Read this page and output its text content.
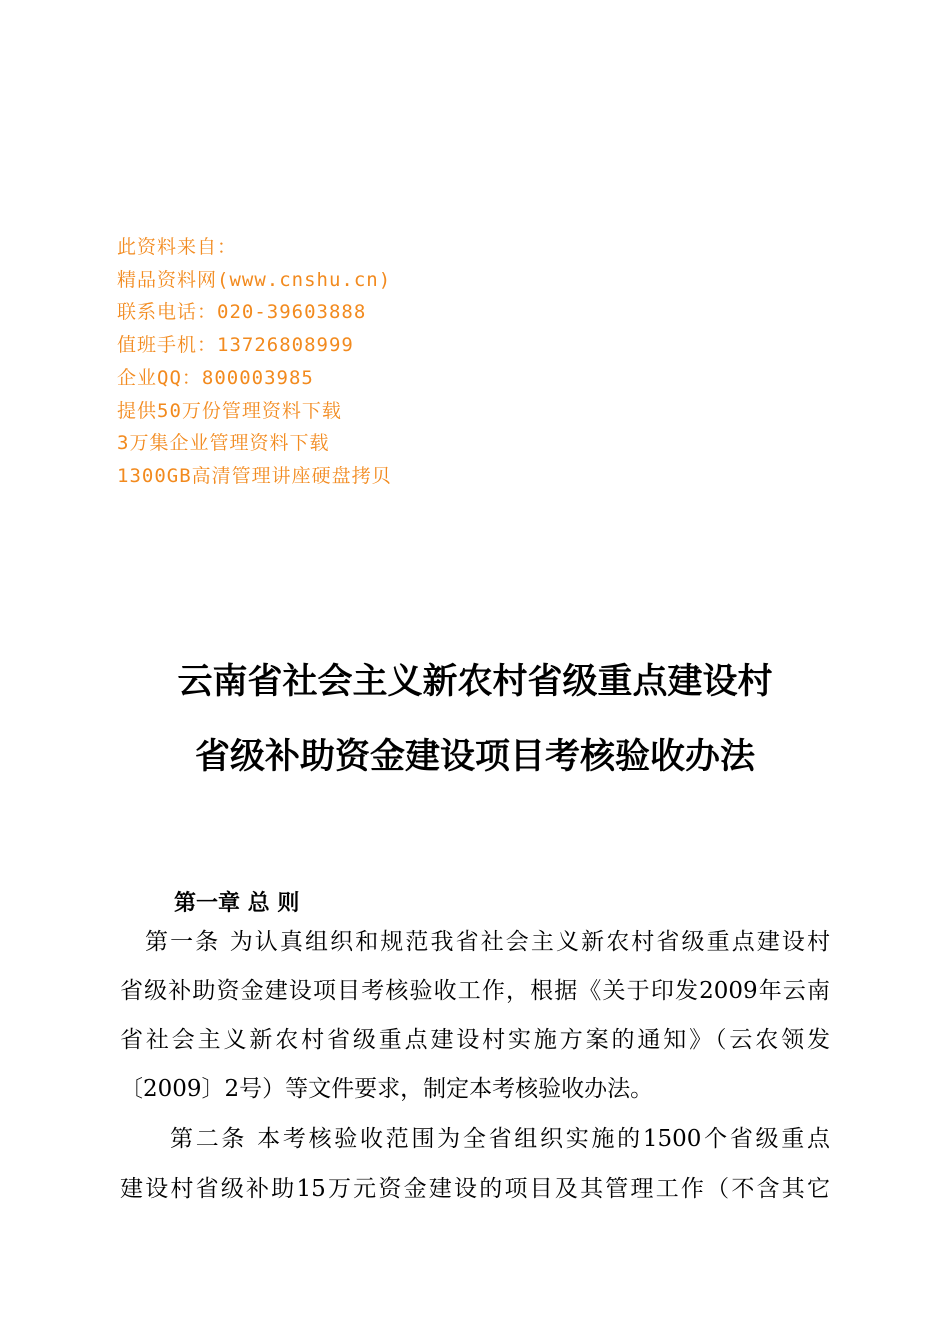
此资料来自：
精品资料网(www.cnshu.cn)
联系电话：020-39603888
值班手机：13726808999
企业QQ：800003985
提供50万份管理资料下载
3万集企业管理资料下载
1300GB高清管理讲座硬盘拷贝
云南省社会主义新农村省级重点建设村
省级补助资金建设项目考核验收办法
第一章 总 则
第一条 为认真组织和规范我省社会主义新农村省级重点建设村
省级补助资金建设项目考核验收工作，根据《关于印发2009年云南
省社会主义新农村省级重点建设村实施方案的通知》（云农领发
〔2009〕2号）等文件要求，制定本考核验收办法。
第二条 本考核验收范围为全省组织实施的1500个省级重点
建设村省级补助15万元资金建设的项目及其管理工作（不含其它
